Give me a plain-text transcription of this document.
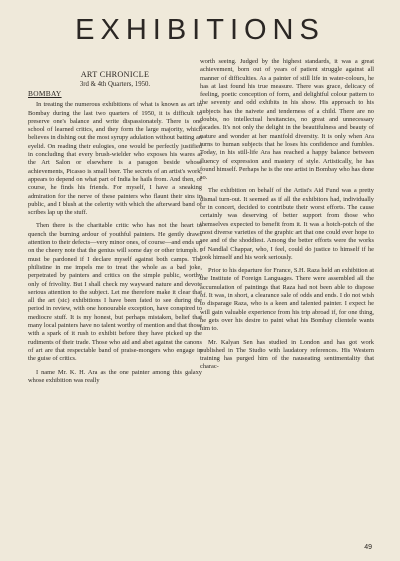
EXHIBITIONS
ART CHRONICLE
3rd & 4th Quarters, 1950.
BOMBAY

In treating the numerous exhibitions of what is known as art in Bombay during the last two quarters of 1950, it is difficult to preserve one's balance and write dispassionately. There is one school of learned critics, and they form the large majority, which believes in dishing out the most syrupy adulation without batting an eyelid. On reading their eulogies, one would be perfectly justified in concluding that every brush-wielder who exposes his wares at the Art Salon or elsewhere is a paragon beside whose achievements, Picasso is small beer. The secrets of an artist's work, appears to depend on what part of India he hails from. And then, of course, he finds his friends. For myself, I have a sneaking admiration for the nerve of these painters who flaunt their sins in public, and I blush at the celerity with which the afterward band of scribes lap up the stuff.

Then there is the charitable critic who has not the heart to quench the burning ardour of youthful painters. He gently draws attention to their defects—very minor ones, of course—and ends up on the cheery note that the genius will some day or other triumph. I must be pardoned if I declare myself against both camps. The philistine in me impels me to treat the whole as a bad joke, perpetrated by painters and critics on the simple public, worthy only of frivolity. But I shall check my wayward nature and devote serious attention to the subject. Let me therefore make it clear that all the art (sic) exhibitions I have been fated to see during the period in review, with one honourable exception, have conspired to mediocre stuff. It is my honest, but perhaps mistaken, belief that many local painters have no talent worthy of mention and that those with a spark of it rush to exhibit before they have picked up the rudiments of their trade. Those who aid and abet against the canons of art are that respectable band of praise-mongers who engage in the guise of critics.

I name Mr. K. H. Ara as the one painter among this galaxy whose exhibition was really

worth seeing. Judged by the highest standards, it was a great achievement, born out of years of patient struggle against all manner of difficulties. As a painter of still life in water-colours, he has at last found his true measure. There was grace, delicacy of feeling, poetic conception of form, and delightful colour pattern to the seventy and odd exhibits in his show. His approach to his subjects has the naivete and tenderness of a child. There are no doubts, no intellectual hesitancies, no great and unnecessary facades. It's not only the delight in the beautifulness and beauty of nature and wonder at her manifold diversity. It is only when Ara turns to human subjects that he loses his confidence and fumbles. Today, in his still-life Ara has reached a happy balance between fluency of expression and mastery of style. Artistically, he has found himself. Perhaps he is the one artist in Bombay who has done so.

The exhibition on behalf of the Artist's Aid Fund was a pretty dismal turn-out. It seemed as if all the exhibitors had, individually or in concert, decided to contribute their worst efforts. The cause certainly was deserving of better support from those who themselves expected to benefit from it. It was a hotch-potch of the most diverse varieties of the graphic art that one could ever hope to see and of the shoddiest. Among the better efforts were the works of Nandlal Chappar, who, I feel, could do justice to himself if he took himself and his work seriously.

Prior to his departure for France, S.H. Raza held an exhibition at the Institute of Foreign Languages. There were assembled all the accumulation of paintings that Raza had not been able to dispose of. It was, in short, a clearance sale of odds and ends. I do not wish to disparage Raza, who is a keen and talented painter. I expect he will gain valuable experience from his trip abroad if, for one thing, he gets over his desire to paint what his Bombay clientele wants him to.

Mr. Kalyan Sen has studied in London and has got work published in The Studio with laudatory references. His Western training has purged him of the nauseating sentimentality that charac-

49
